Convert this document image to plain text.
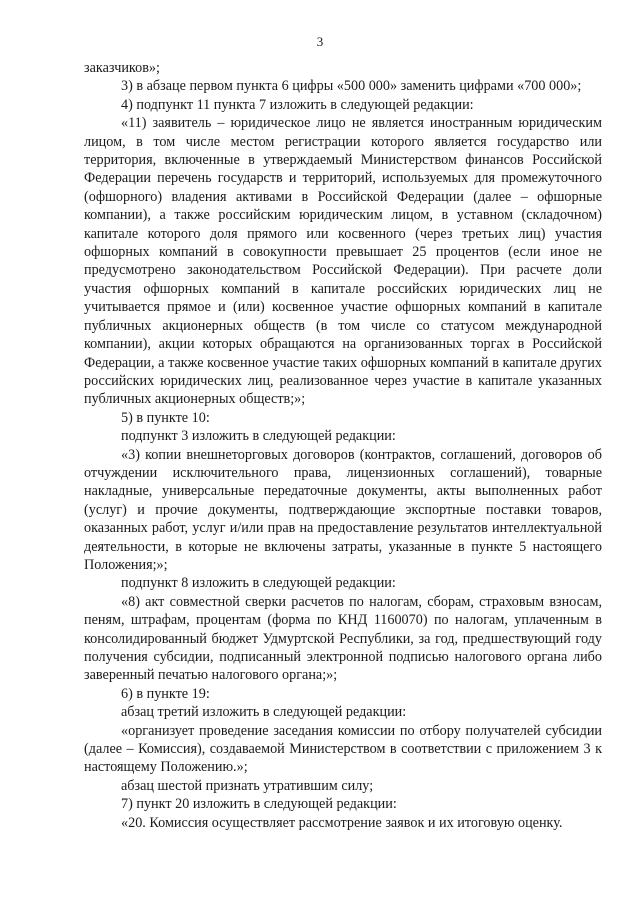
3

заказчиков»;

3) в абзаце первом пункта 6 цифры «500 000» заменить цифрами «700 000»;

4) подпункт 11 пункта 7 изложить в следующей редакции:

«11) заявитель – юридическое лицо не является иностранным юридическим лицом, в том числе местом регистрации которого является государство или территория, включенные в утверждаемый Министерством финансов Российской Федерации перечень государств и территорий, используемых для промежуточного (офшорного) владения активами в Российской Федерации (далее – офшорные компании), а также российским юридическим лицом, в уставном (складочном) капитале которого доля прямого или косвенного (через третьих лиц) участия офшорных компаний в совокупности превышает 25 процентов (если иное не предусмотрено законодательством Российской Федерации). При расчете доли участия офшорных компаний в капитале российских юридических лиц не учитывается прямое и (или) косвенное участие офшорных компаний в капитале публичных акционерных обществ (в том числе со статусом международной компании), акции которых обращаются на организованных торгах в Российской Федерации, а также косвенное участие таких офшорных компаний в капитале других российских юридических лиц, реализованное через участие в капитале указанных публичных акционерных обществ;»;

5) в пункте 10:

подпункт 3 изложить в следующей редакции:

«3) копии внешнеторговых договоров (контрактов, соглашений, договоров об отчуждении исключительного права, лицензионных соглашений), товарные накладные, универсальные передаточные документы, акты выполненных работ (услуг) и прочие документы, подтверждающие экспортные поставки товаров, оказанных работ, услуг и/или прав на предоставление результатов интеллектуальной деятельности, в которые не включены затраты, указанные в пункте 5 настоящего Положения;»;

подпункт 8 изложить в следующей редакции:

«8) акт совместной сверки расчетов по налогам, сборам, страховым взносам, пеням, штрафам, процентам (форма по КНД 1160070) по налогам, уплаченным в консолидированный бюджет Удмуртской Республики, за год, предшествующий году получения субсидии, подписанный электронной подписью налогового органа либо заверенный печатью налогового органа;»;

6) в пункте 19:

абзац третий изложить в следующей редакции:

«организует проведение заседания комиссии по отбору получателей субсидии (далее – Комиссия), создаваемой Министерством в соответствии с приложением 3 к настоящему Положению.»;

абзац шестой признать утратившим силу;

7) пункт 20 изложить в следующей редакции:

«20. Комиссия осуществляет рассмотрение заявок и их итоговую оценку.
